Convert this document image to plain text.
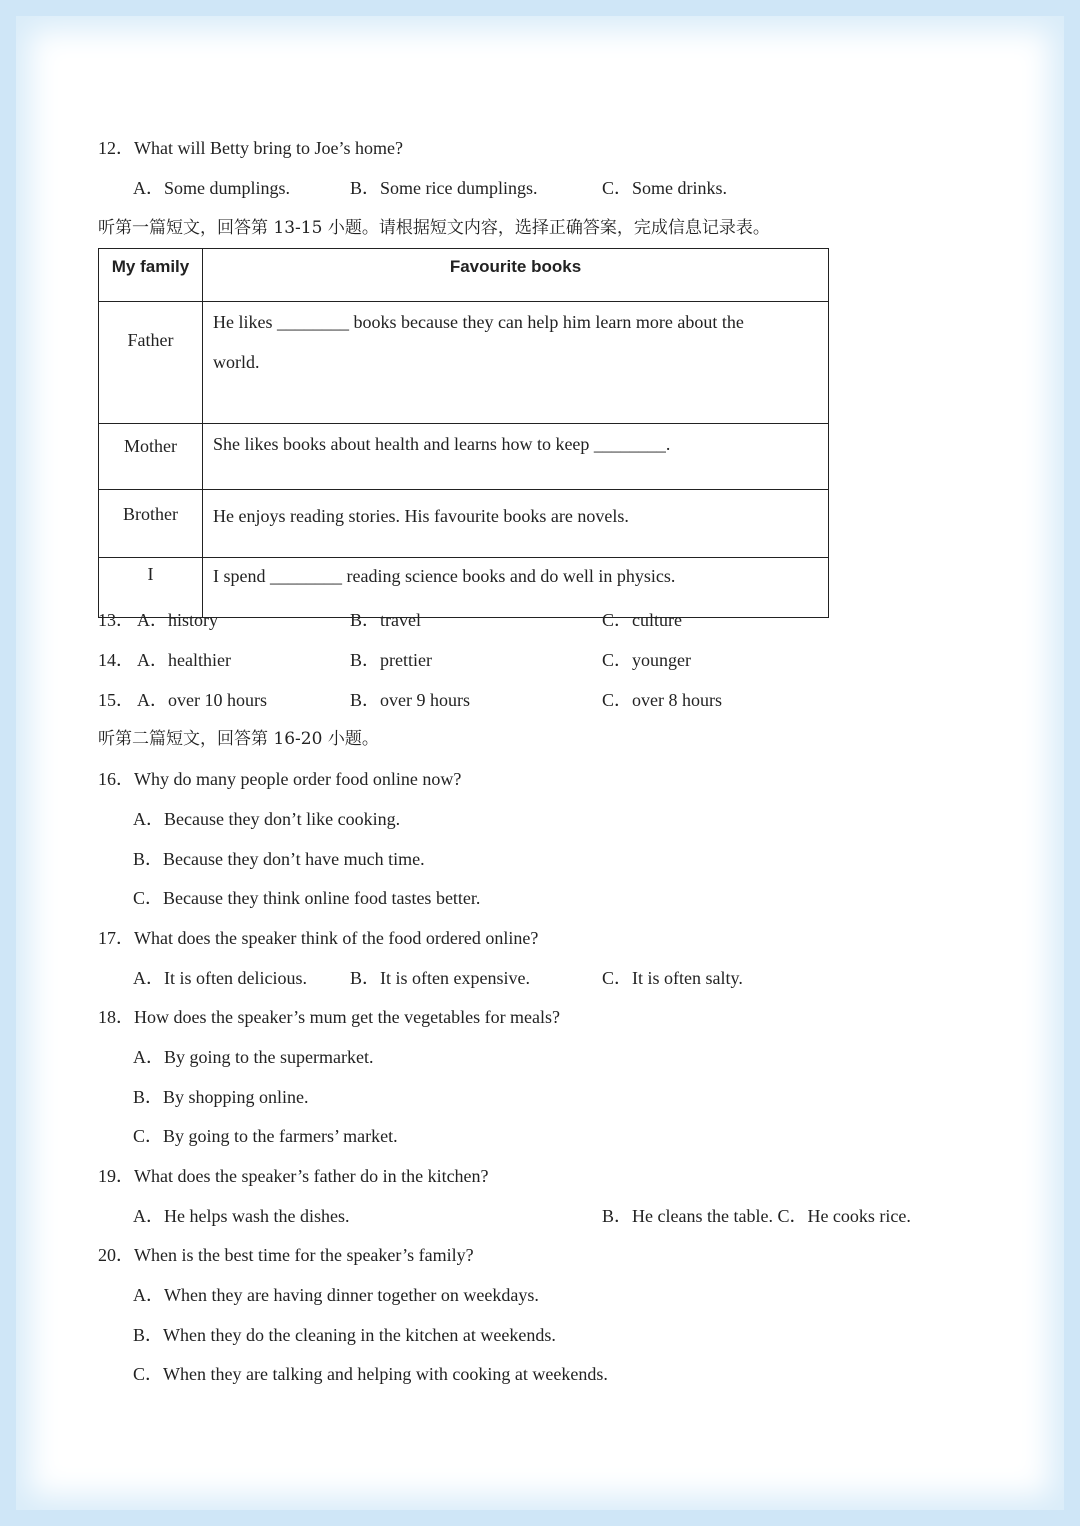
12．What will Betty bring to Joe’s home?
A．Some dumplings.	B．Some rice dumplings.	C．Some drinks.
听第一篇短文，回答第 13-15 小题。请根据短文内容，选择正确答案，完成信息记录表。
My family	Favourite books
Father	He likes ________ books because they can help him learn more about the
world.

Mother	She likes books about health and learns how to keep ________.
Brother	He enjoys reading stories. His favourite books are novels.
I	I spend ________ reading science books and do well in physics.
13． A．history	B．travel	C．culture
14． A．healthier	B．prettier	C．younger
15． A．over 10 hours	B．over 9 hours	C．over 8 hours
听第二篇短文，回答第 16-20 小题。
16．Why do many people order food online now?
A．Because they don’t like cooking.
B．Because they don’t have much time.
C．Because they think online food tastes better.
17．What does the speaker think of the food ordered online?
A．It is often delicious. B．It is often expensive.	C．It is often salty.
18．How does the speaker’s mum get the vegetables for meals?
A．By going to the supermarket.
B．By shopping online.
C．By going to the farmers’ market.
19．What does the speaker’s father do in the kitchen?
A．He helps wash the dishes.	B．He cleans the table. C．He cooks rice.
20．When is the best time for the speaker’s family?
A．When they are having dinner together on weekdays.
B．When they do the cleaning in the kitchen at weekends.
C．When they are talking and helping with cooking at weekends.
